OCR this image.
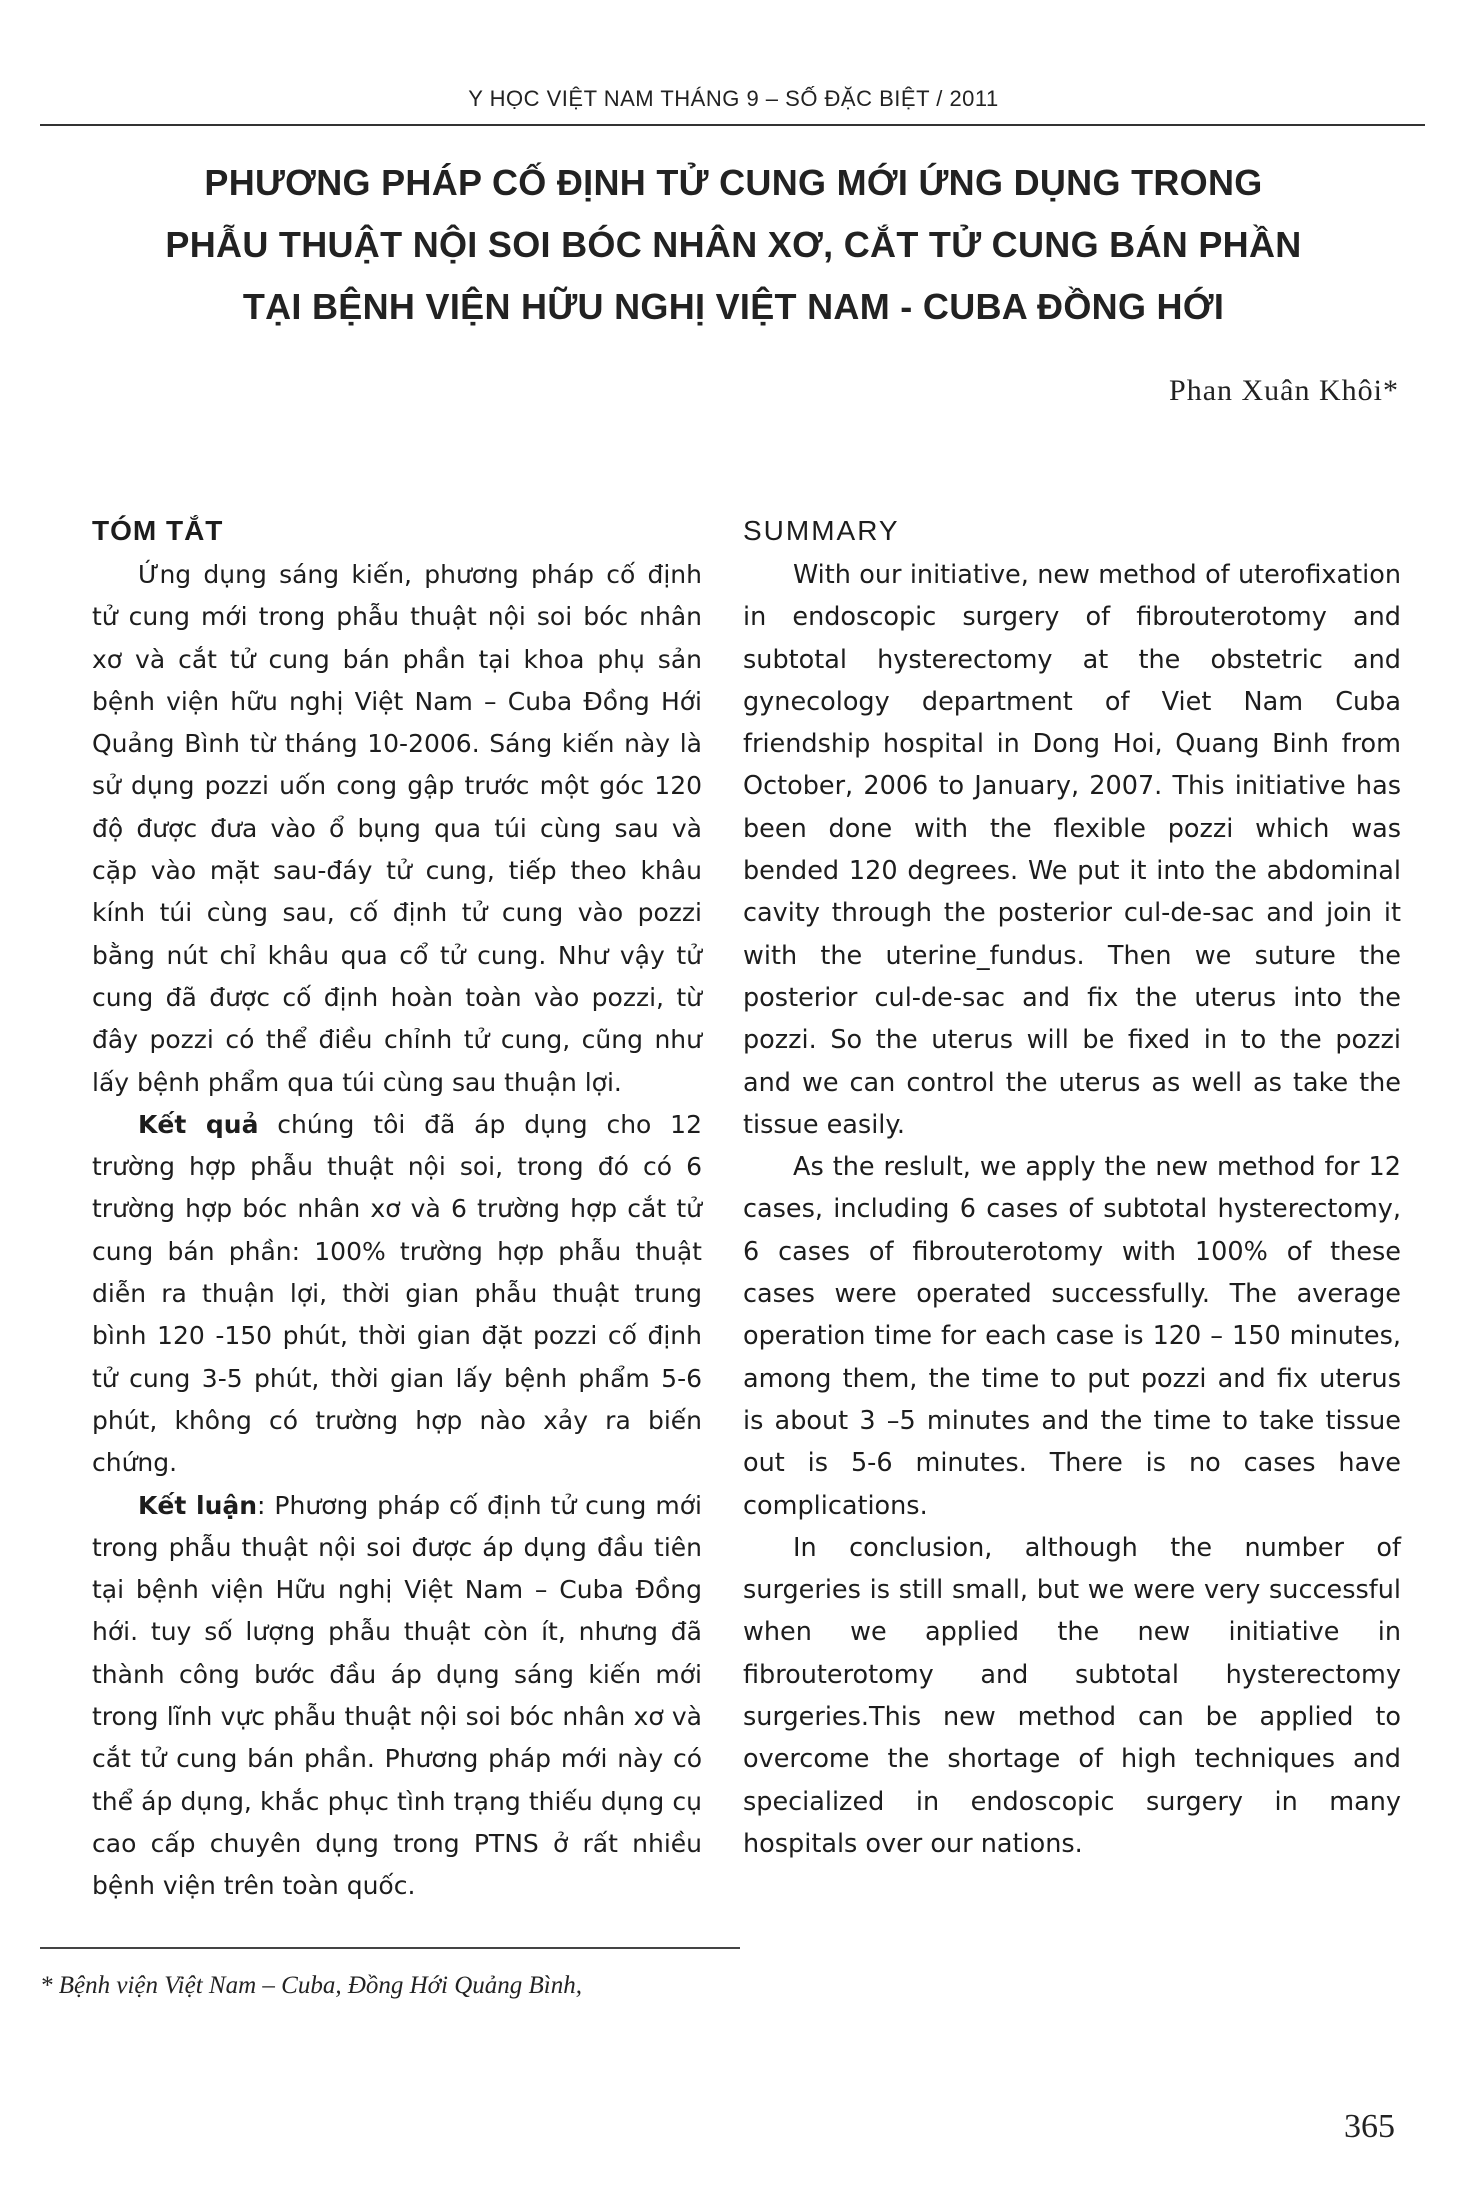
Y HỌC VIỆT NAM THÁNG 9 – SỐ ĐẶC BIỆT / 2011
PHƯƠNG PHÁP CỐ ĐỊNH TỬ CUNG MỚI ỨNG DỤNG TRONG
PHẪU THUẬT NỘI SOI BÓC NHÂN XƠ, CẮT TỬ CUNG BÁN PHẦN
TẠI BỆNH VIỆN HỮU NGHỊ VIỆT NAM - CUBA ĐỒNG HỚI
Phan Xuân Khôi*
TÓM TẮT

Ứng dụng sáng kiến, phương pháp cố định tử cung mới trong phẫu thuật nội soi bóc nhân xơ và cắt tử cung bán phần tại khoa phụ sản bệnh viện hữu nghị Việt Nam – Cuba Đồng Hới Quảng Bình từ tháng 10-2006. Sáng kiến này là sử dụng pozzi uốn cong gập trước một góc 120 độ được đưa vào ổ bụng qua túi cùng sau và cặp vào mặt sau-đáy tử cung, tiếp theo khâu kính túi cùng sau, cố định tử cung vào pozzi bằng nút chỉ khâu qua cổ tử cung. Như vậy tử cung đã được cố định hoàn toàn vào pozzi, từ đây pozzi có thể điều chỉnh tử cung, cũng như lấy bệnh phẩm qua túi cùng sau thuận lợi.

Kết quả chúng tôi đã áp dụng cho 12 trường hợp phẫu thuật nội soi, trong đó có 6 trường hợp bóc nhân xơ và 6 trường hợp cắt tử cung bán phần: 100% trường hợp phẫu thuật diễn ra thuận lợi, thời gian phẫu thuật trung bình 120 -150 phút, thời gian đặt pozzi cố định tử cung 3-5 phút, thời gian lấy bệnh phẩm 5-6 phút, không có trường hợp nào xảy ra biến chứng.

Kết luận: Phương pháp cố định tử cung mới trong phẫu thuật nội soi được áp dụng đầu tiên tại bệnh viện Hữu nghị Việt Nam – Cuba Đồng hới. tuy số lượng phẫu thuật còn ít, nhưng đã thành công bước đầu áp dụng sáng kiến mới trong lĩnh vực phẫu thuật nội soi bóc nhân xơ và cắt tử cung bán phần. Phương pháp mới này có thể áp dụng, khắc phục tình trạng thiếu dụng cụ cao cấp chuyên dụng trong PTNS ở rất nhiều bệnh viện trên toàn quốc.

SUMMARY

With our initiative, new method of uterofixation in endoscopic surgery of fibrouterotomy and subtotal hysterectomy at the obstetric and gynecology department of Viet Nam Cuba friendship hospital in Dong Hoi, Quang Binh from October, 2006 to January, 2007. This initiative has been done with the flexible pozzi which was bended 120 degrees. We put it into the abdominal cavity through the posterior cul-de-sac and join it with the uterine_fundus. Then we suture the posterior cul-de-sac and fix the uterus into the pozzi. So the uterus will be fixed in to the pozzi and we can control the uterus as well as take the tissue easily.

As the reslult, we apply the new method for 12 cases, including 6 cases of subtotal hysterectomy, 6 cases of fibrouterotomy with 100% of these cases were operated successfully. The average operation time for each case is 120 – 150 minutes, among them, the time to put pozzi and fix uterus is about 3 –5 minutes and the time to take tissue out is 5-6 minutes. There is no cases have complications.

In conclusion, although the number of surgeries is still small, but we were very successful when we applied the new initiative in fibrouterotomy and subtotal hysterectomy surgeries.This new method can be applied to overcome the shortage of high techniques and specialized in endoscopic surgery in many hospitals over our nations.

* Bệnh viện Việt Nam – Cuba, Đồng Hới Quảng Bình,
365
